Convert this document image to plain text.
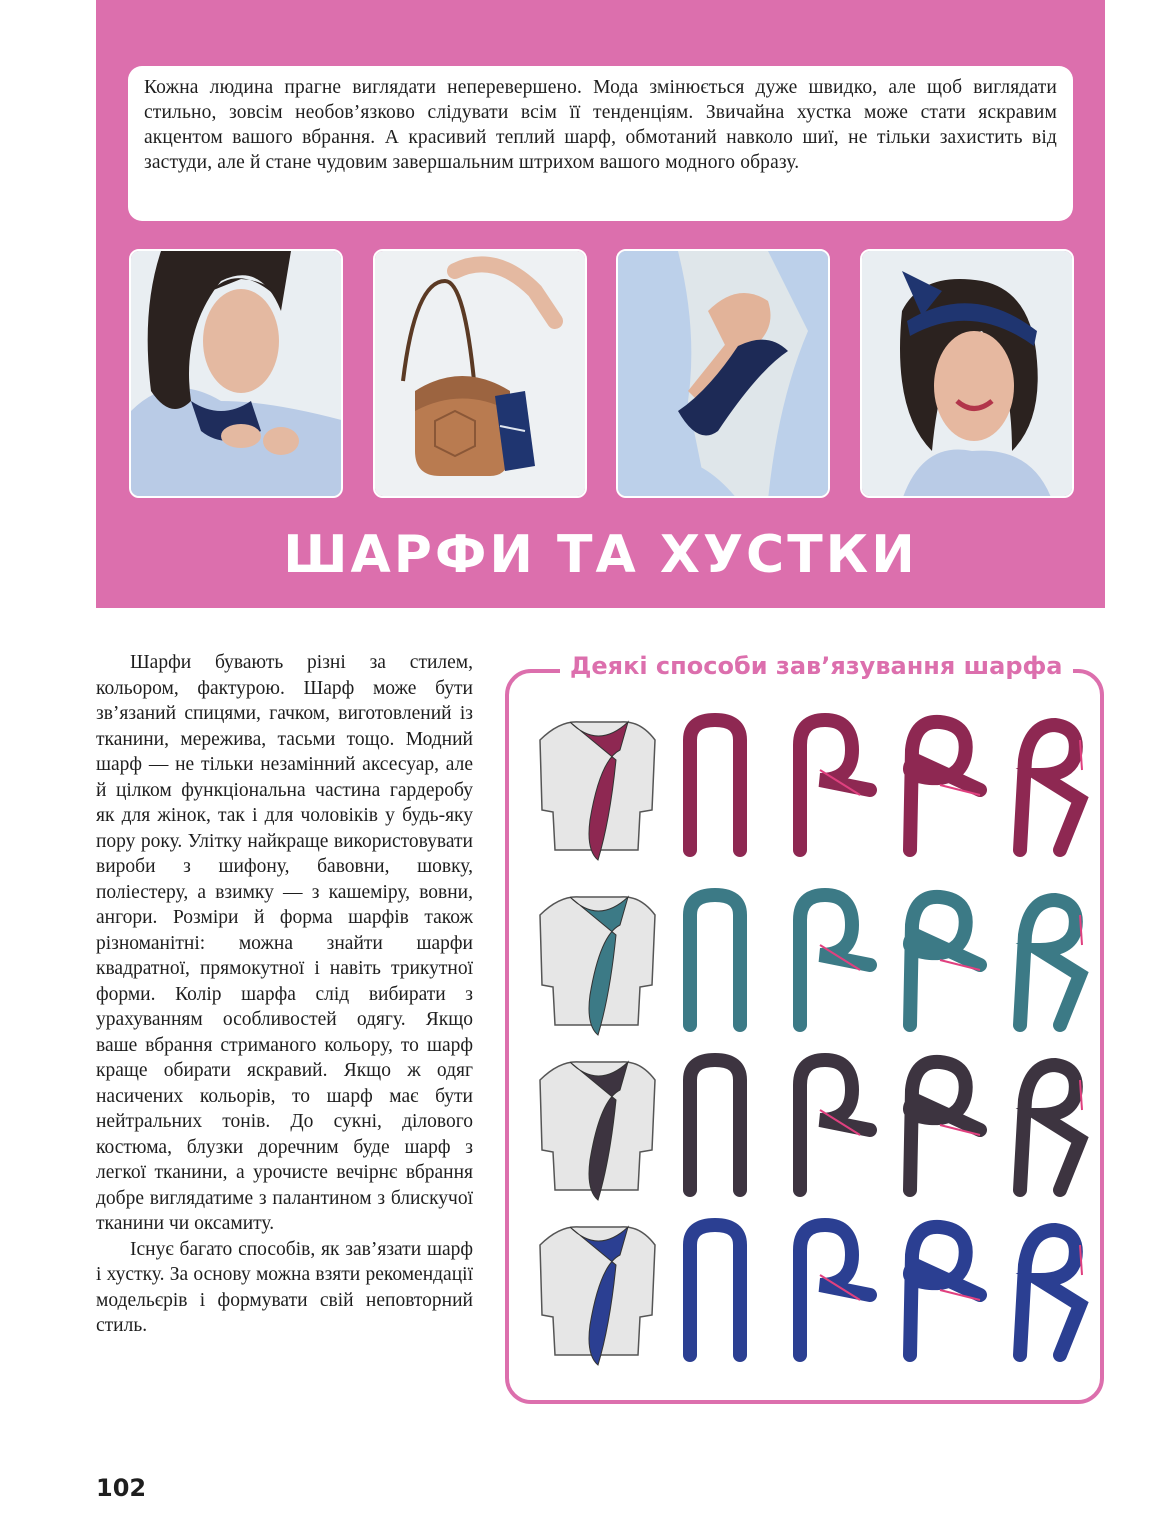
Кожна людина прагне виглядати неперевершено. Мода змінюється дуже швидко, але щоб виглядати стильно, зовсім необов’язково слідувати всім її тенденціям. Звичайна хустка може стати яскравим акцентом вашого вбрання. А красивий теплий шарф, обмотаний навколо шиї, не тільки захистить від застуди, але й стане чудовим завершальним штрихом вашого модного образу.

ШАРФИ ТА ХУСТКИ

Шарфи бувають різні за стилем, кольором, фактурою. Шарф може бути зв’язаний спицями, гачком, виготовлений із тканини, мережива, тасьми тощо. Модний шарф — не тільки незамінний аксесуар, але й цілком функціональна частина гардеробу як для жінок, так і для чоловіків у будь-яку пору року. Улітку найкраще використовувати вироби з шифону, бавовни, шовку, поліестеру, а взимку — з кашеміру, вовни, ангори. Розміри й форма шарфів також різноманітні: можна знайти шарфи квадратної, прямокутної і навіть трикутної форми. Колір шарфа слід вибирати з урахуванням особливостей одягу. Якщо ваше вбрання стриманого кольору, то шарф краще обирати яскравий. Якщо ж одяг насичених кольорів, то шарф має бути нейтральних тонів. До сукні, ділового костюма, блузки доречним буде шарф з легкої тканини, а урочисте вечірнє вбрання добре виглядатиме з палантином з блискучої тканини чи оксамиту.

Існує багато способів, як зав’язати шарф і хустку. За основу можна взяти рекомендації модельєрів і формувати свій неповторний стиль.

Деякі способи зав’язування шарфа

102
